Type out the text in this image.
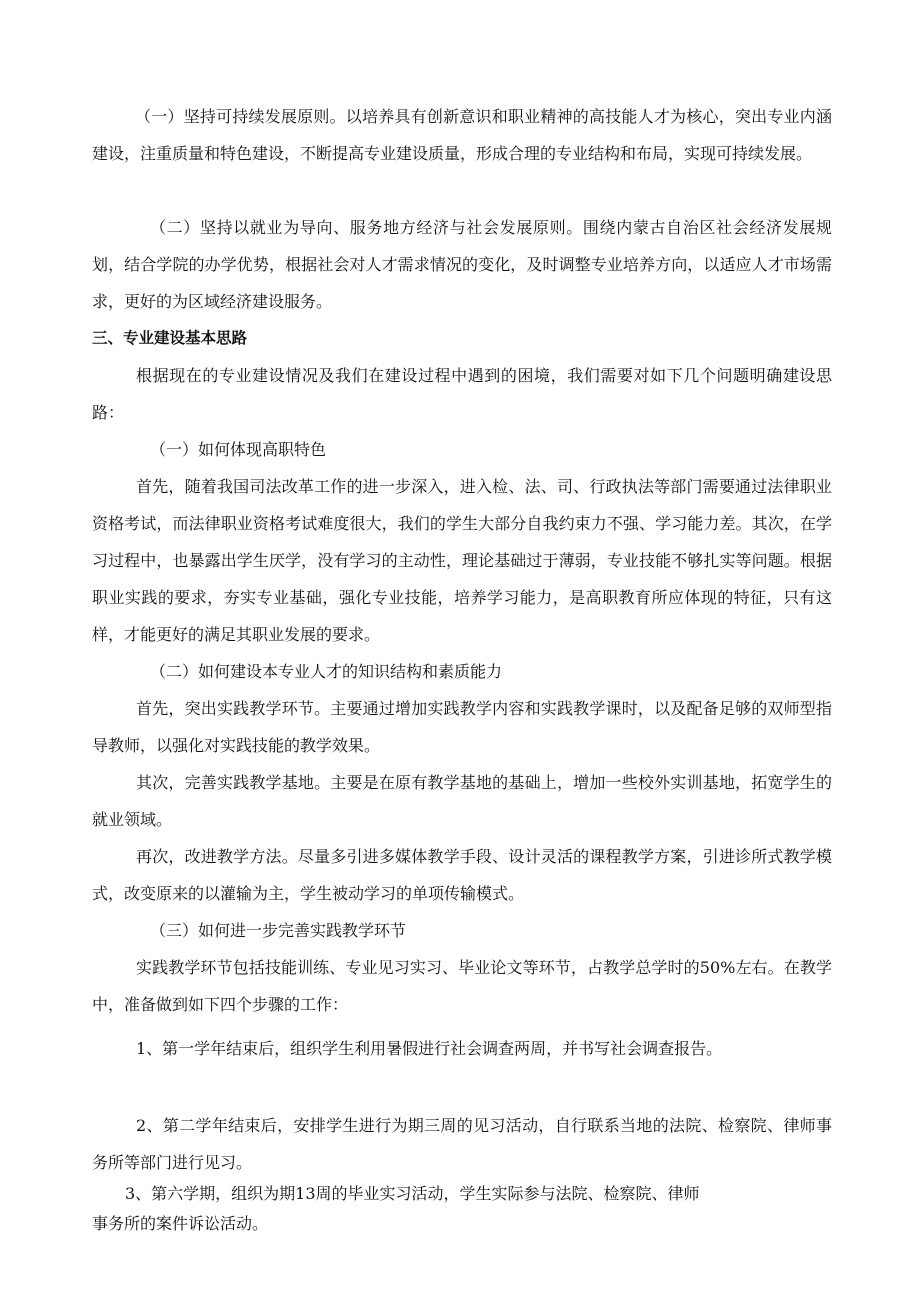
（一）坚持可持续发展原则。以培养具有创新意识和职业精神的高技能人才为核心，突出专业内涵建设，注重质量和特色建设，不断提高专业建设质量，形成合理的专业结构和布局，实现可持续发展。

（二）坚持以就业为导向、服务地方经济与社会发展原则。围绕内蒙古自治区社会经济发展规划，结合学院的办学优势，根据社会对人才需求情况的变化，及时调整专业培养方向，以适应人才市场需求，更好的为区域经济建设服务。

三、专业建设基本思路

根据现在的专业建设情况及我们在建设过程中遇到的困境，我们需要对如下几个问题明确建设思路：

（一）如何体现高职特色

首先，随着我国司法改革工作的进一步深入，进入检、法、司、行政执法等部门需要通过法律职业资格考试，而法律职业资格考试难度很大，我们的学生大部分自我约束力不强、学习能力差。其次，在学习过程中，也暴露出学生厌学，没有学习的主动性，理论基础过于薄弱，专业技能不够扎实等问题。根据职业实践的要求，夯实专业基础，强化专业技能，培养学习能力，是高职教育所应体现的特征，只有这样，才能更好的满足其职业发展的要求。

（二）如何建设本专业人才的知识结构和素质能力

首先，突出实践教学环节。主要通过增加实践教学内容和实践教学课时，以及配备足够的双师型指导教师，以强化对实践技能的教学效果。

其次，完善实践教学基地。主要是在原有教学基地的基础上，增加一些校外实训基地，拓宽学生的就业领域。

再次，改进教学方法。尽量多引进多媒体教学手段、设计灵活的课程教学方案，引进诊所式教学模式，改变原来的以灌输为主，学生被动学习的单项传输模式。

（三）如何进一步完善实践教学环节

实践教学环节包括技能训练、专业见习实习、毕业论文等环节，占教学总学时的50%左右。在教学中，准备做到如下四个步骤的工作：

1、第一学年结束后，组织学生利用暑假进行社会调查两周，并书写社会调查报告。

2、第二学年结束后，安排学生进行为期三周的见习活动，自行联系当地的法院、检察院、律师事务所等部门进行见习。

3、第六学期，组织为期13周的毕业实习活动，学生实际参与法院、检察院、律师

事务所的案件诉讼活动。
